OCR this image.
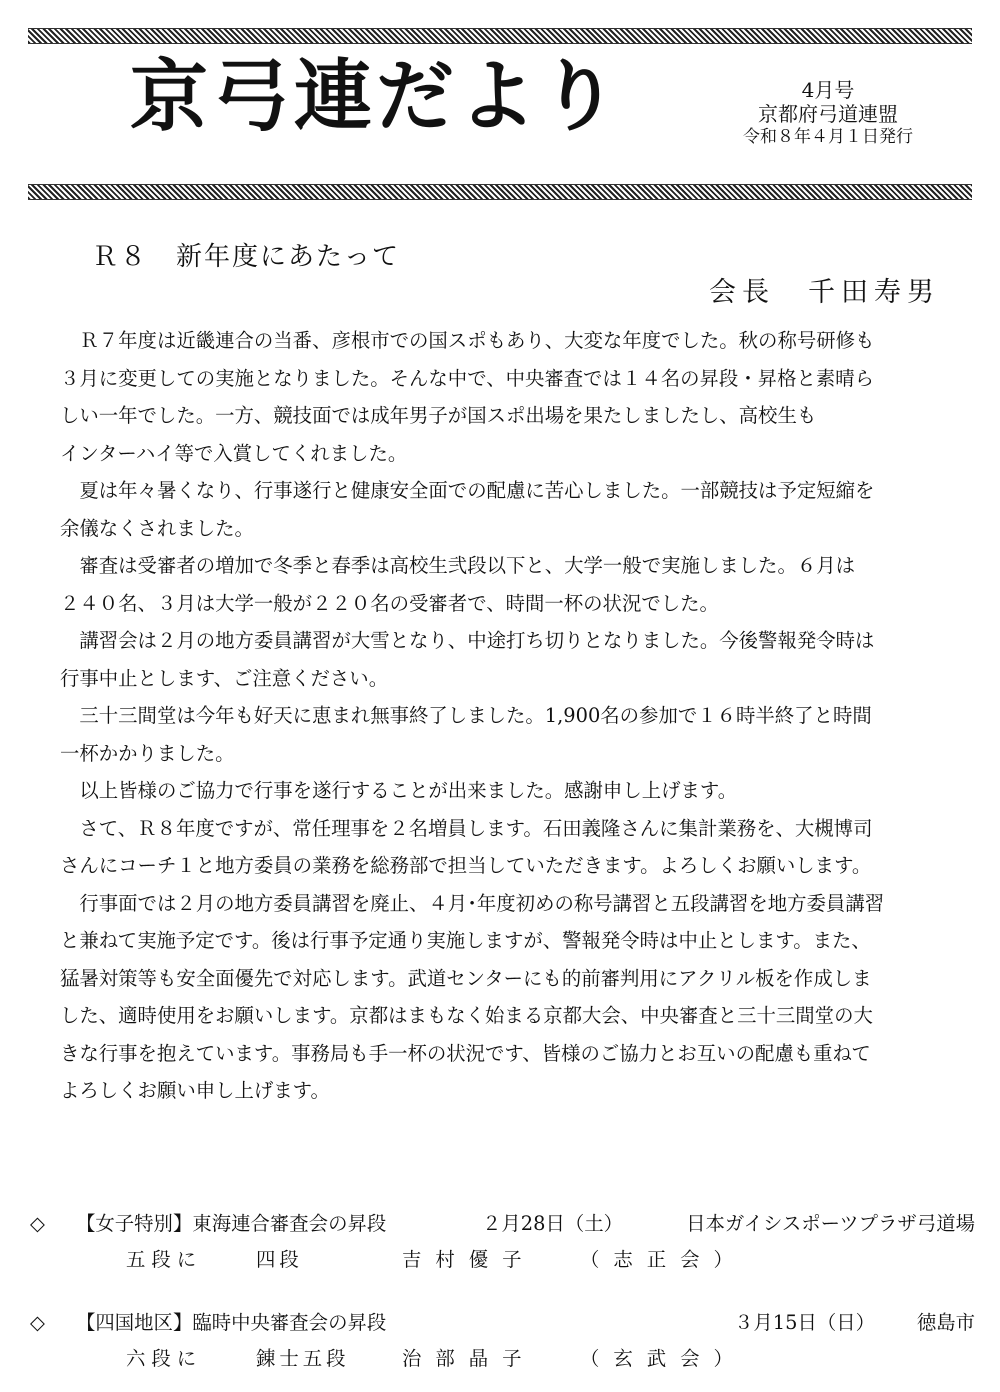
京弓連だより	4月号
京都府弓道連盟
令和８年４月１日発行
Ｒ８　新年度にあたって
会長　千田寿男
　Ｒ７年度は近畿連合の当番、彦根市での国スポもあり、大変な年度でした。秋の称号研修も
３月に変更しての実施となりました。そんな中で、中央審査では１４名の昇段・昇格と素晴ら
しい一年でした。一方、競技面では成年男子が国スポ出場を果たしましたし、高校生も
インターハイ等で入賞してくれました。
　夏は年々暑くなり、行事遂行と健康安全面での配慮に苦心しました。一部競技は予定短縮を
余儀なくされました。
　審査は受審者の増加で冬季と春季は高校生弐段以下と、大学一般で実施しました。６月は
２４０名、３月は大学一般が２２０名の受審者で、時間一杯の状況でした。
　講習会は２月の地方委員講習が大雪となり、中途打ち切りとなりました。今後警報発令時は
行事中止とします、ご注意ください。
　三十三間堂は今年も好天に恵まれ無事終了しました。1,900名の参加で１６時半終了と時間
一杯かかりました。
　以上皆様のご協力で行事を遂行することが出来ました。感謝申し上げます。
　さて、Ｒ８年度ですが、常任理事を２名増員します。石田義隆さんに集計業務を、大槻博司
さんにコーチ１と地方委員の業務を総務部で担当していただきます。よろしくお願いします。
　行事面では２月の地方委員講習を廃止、４月･年度初めの称号講習と五段講習を地方委員講習
と兼ねて実施予定です。後は行事予定通り実施しますが、警報発令時は中止とします。また、
猛暑対策等も安全面優先で対応します。武道センターにも的前審判用にアクリル板を作成しま
した、適時使用をお願いします。京都はまもなく始まる京都大会、中央審査と三十三間堂の大
きな行事を抱えています。事務局も手一杯の状況です、皆様のご協力とお互いの配慮も重ねて
よろしくお願い申し上げます。
◇ 【女子特別】東海連合審査会の昇段	２月28日（土）	日本ガイシスポーツプラザ弓道場
五段に	四段	吉村優子 （志正会）
◇ 【四国地区】臨時中央審査会の昇段	３月15日（日） 徳島市
六段に	錬士五段	治部晶子 （玄武会）
